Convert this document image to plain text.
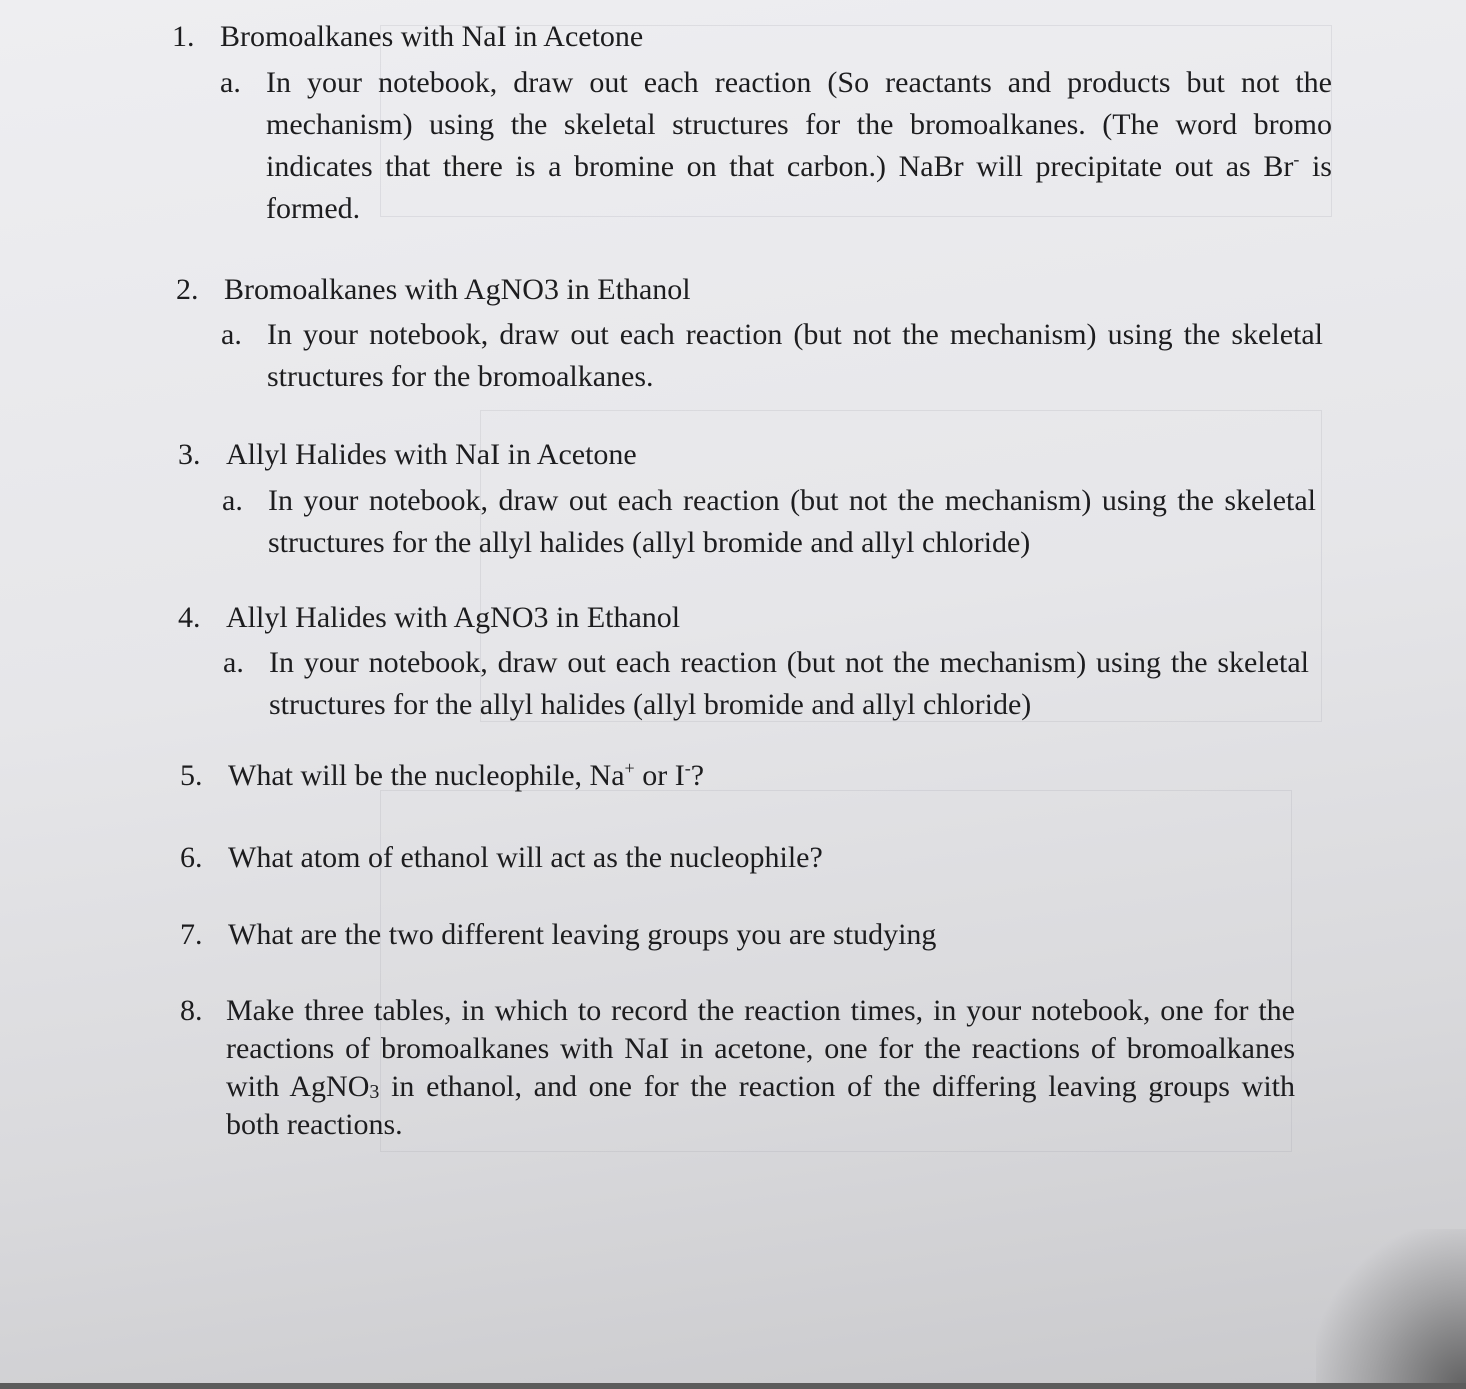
1. Bromoalkanes with NaI in Acetone
a. In your notebook, draw out each reaction (So reactants and products but not the mechanism) using the skeletal structures for the bromoalkanes. (The word bromo indicates that there is a bromine on that carbon.) NaBr will precipitate out as Br- is formed.
2. Bromoalkanes with AgNO3 in Ethanol
a. In your notebook, draw out each reaction (but not the mechanism) using the skeletal structures for the bromoalkanes.
3. Allyl Halides with NaI in Acetone
a. In your notebook, draw out each reaction (but not the mechanism) using the skeletal structures for the allyl halides (allyl bromide and allyl chloride)
4. Allyl Halides with AgNO3 in Ethanol
a. In your notebook, draw out each reaction (but not the mechanism) using the skeletal structures for the allyl halides (allyl bromide and allyl chloride)
5. What will be the nucleophile, Na+ or I-?
6. What atom of ethanol will act as the nucleophile?
7. What are the two different leaving groups you are studying
8. Make three tables, in which to record the reaction times, in your notebook, one for the reactions of bromoalkanes with NaI in acetone, one for the reactions of bromoalkanes with AgNO$_3$ in ethanol, and one for the reaction of the differing leaving groups with both reactions.
